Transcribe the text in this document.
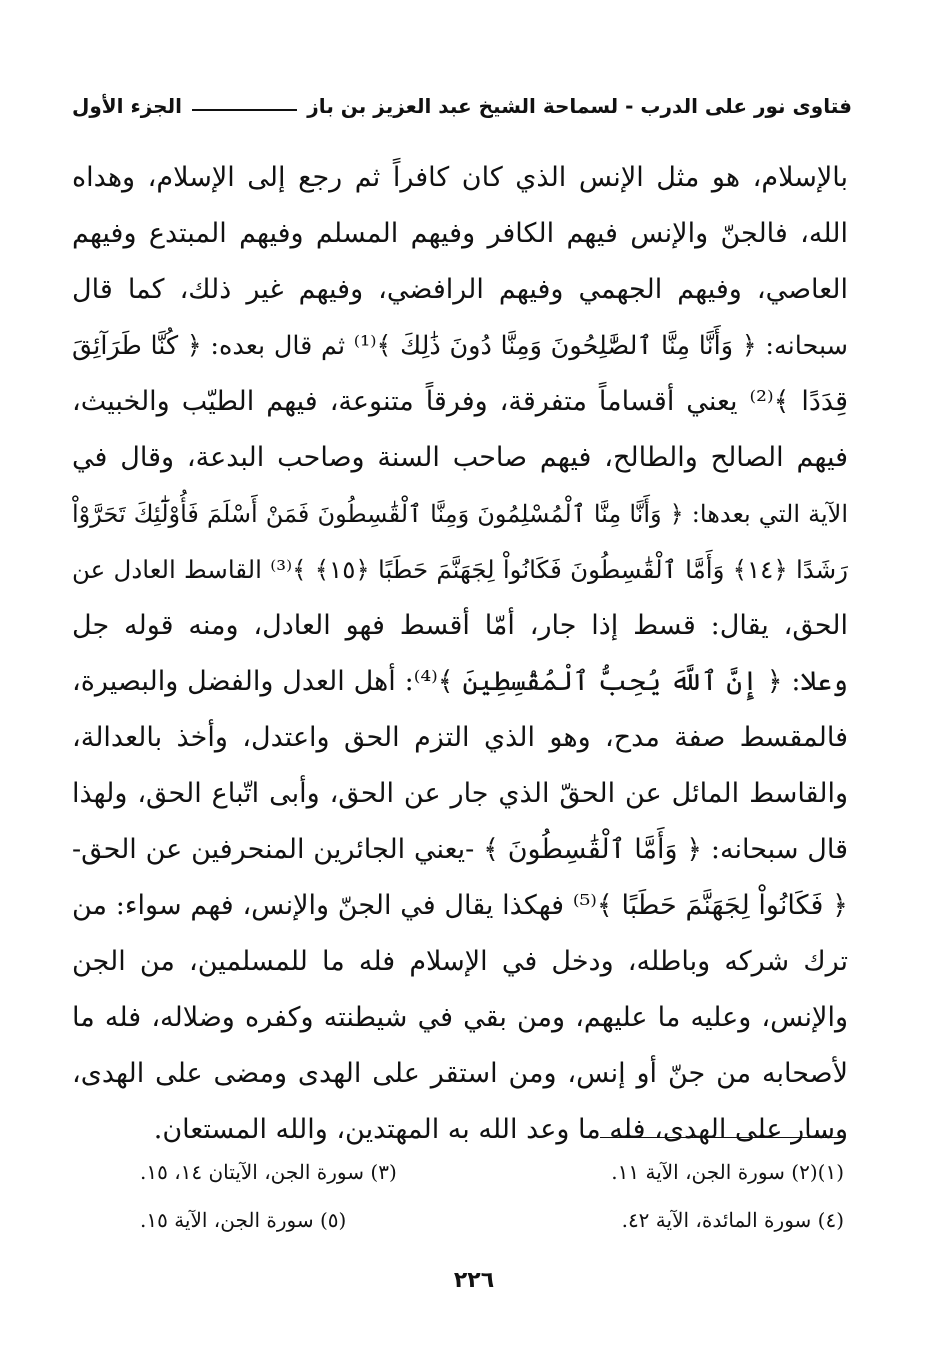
فتاوى نور على الدرب - لسماحة الشيخ عبد العزيز بن باز
الجزء الأول
بالإسلام، هو مثل الإنس الذي كان كافراً ثم رجع إلى الإسلام، وهداه
الله، فالجنّ والإنس فيهم الكافر وفيهم المسلم وفيهم المبتدع وفيهم
العاصي، وفيهم الجهمي وفيهم الرافضي، وفيهم غير ذلك، كما قال
سبحانه: ﴿ وَأَنَّا مِنَّا ٱلصَّٰلِحُونَ وَمِنَّا دُونَ ذَٰلِكَ ﴾⁽¹⁾ ثم قال بعده: ﴿ كُنَّا طَرَآئِقَ
قِدَدًا ﴾⁽²⁾ يعني أقساماً متفرقة، وفرقاً متنوعة، فيهم الطيّب والخبيث،
فيهم الصالح والطالح، فيهم صاحب السنة وصاحب البدعة، وقال في
الآية التي بعدها: ﴿ وَأَنَّا مِنَّا ٱلْمُسْلِمُونَ وَمِنَّا ٱلْقَٰسِطُونَ فَمَنْ أَسْلَمَ فَأُوْلَٰٓئِكَ تَحَرَّوْاْ
رَشَدًا ﴿١٤﴾ وَأَمَّا ٱلْقَٰسِطُونَ فَكَانُواْ لِجَهَنَّمَ حَطَبًا ﴿١٥﴾ ﴾⁽³⁾ القاسط العادل عن
الحق، يقال: قسط إذا جار، أمّا أقسط فهو العادل، ومنه قوله جل
وعلا: ﴿ إِنَّ ٱللَّهَ يُحِبُّ ٱلْمُقْسِطِينَ ﴾⁽⁴⁾: أهل العدل والفضل والبصيرة،
فالمقسط صفة مدح، وهو الذي التزم الحق واعتدل، وأخذ بالعدالة،
والقاسط المائل عن الحقّ الذي جار عن الحق، وأبى اتّباع الحق، ولهذا
قال سبحانه: ﴿ وَأَمَّا ٱلْقَٰسِطُونَ ﴾ -يعني الجائرين المنحرفين عن الحق-
﴿ فَكَانُواْ لِجَهَنَّمَ حَطَبًا ﴾⁽⁵⁾ فهكذا يقال في الجنّ والإنس، فهم سواء: من
ترك شركه وباطله، ودخل في الإسلام فله ما للمسلمين، من الجن
والإنس، وعليه ما عليهم، ومن بقي في شيطنته وكفره وضلاله، فله ما
لأصحابه من جنّ أو إنس، ومن استقر على الهدى ومضى على الهدى،
وسار على الهدى، فله ما وعد الله به المهتدين، والله المستعان.
(١)(٢) سورة الجن، الآية ١١.
(٣) سورة الجن، الآيتان ١٤، ١٥.
(٤) سورة المائدة، الآية ٤٢.
(٥) سورة الجن، الآية ١٥.
٢٢٦
